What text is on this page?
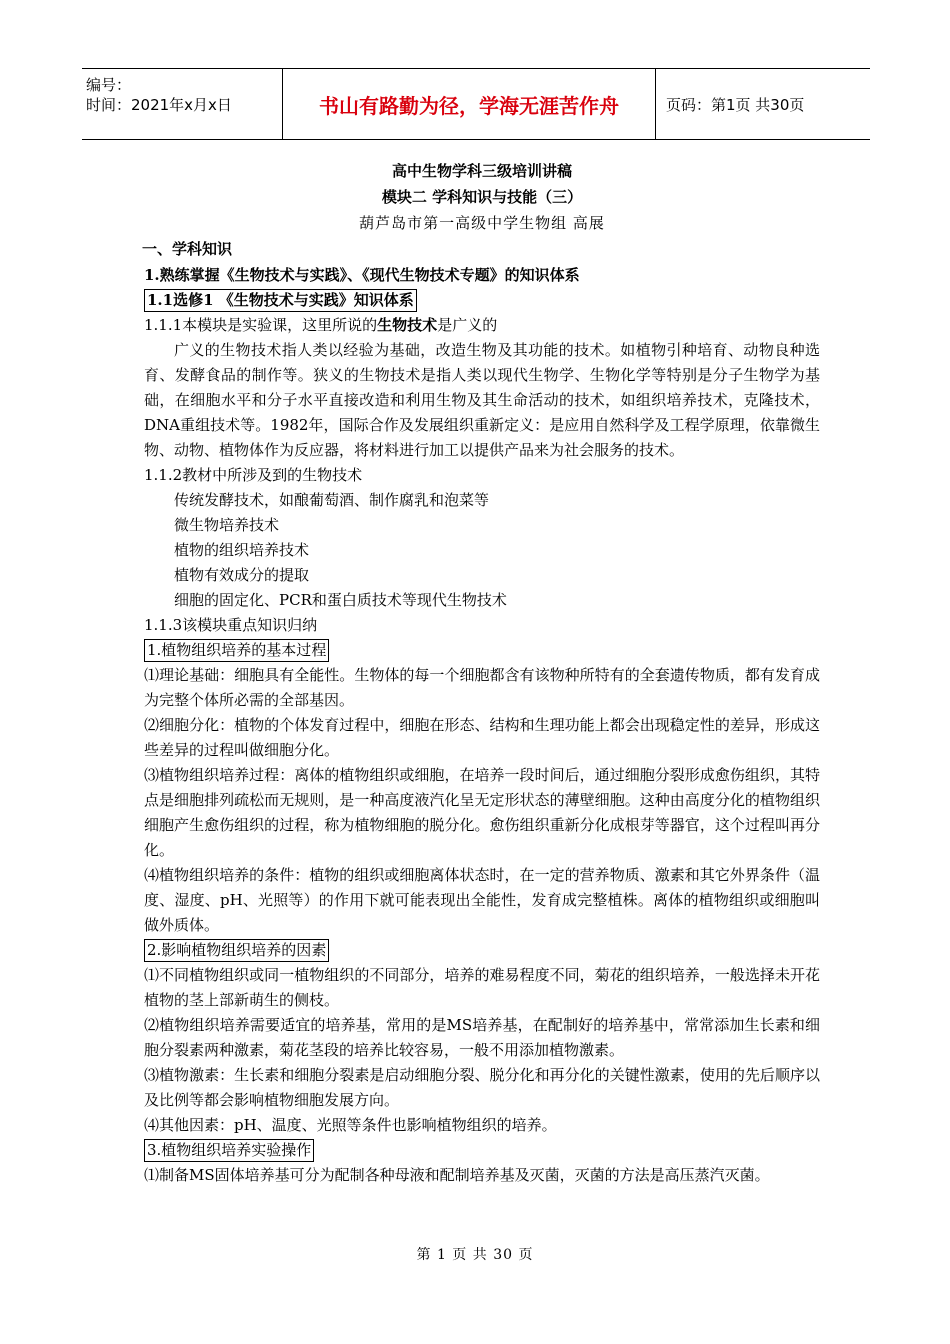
编号：
时间：2021年x月x日	书山有路勤为径，学海无涯苦作舟	页码：第1页 共30页
高中生物学科三级培训讲稿
模块二 学科知识与技能（三）
葫芦岛市第一高级中学生物组 高展
一、学科知识
1.熟练掌握《生物技术与实践》、《现代生物技术专题》的知识体系
1.1选修1 《生物技术与实践》知识体系
1.1.1本模块是实验课，这里所说的生物技术是广义的
广义的生物技术指人类以经验为基础，改造生物及其功能的技术。如植物引种培育、动物良种选育、发酵食品的制作等。狭义的生物技术是指人类以现代生物学、生物化学等特别是分子生物学为基础，在细胞水平和分子水平直接改造和利用生物及其生命活动的技术，如组织培养技术，克隆技术，DNA重组技术等。1982年，国际合作及发展组织重新定义：是应用自然科学及工程学原理，依靠微生物、动物、植物体作为反应器，将材料进行加工以提供产品来为社会服务的技术。
1.1.2教材中所涉及到的生物技术
传统发酵技术，如酿葡萄酒、制作腐乳和泡菜等
微生物培养技术
植物的组织培养技术
植物有效成分的提取
细胞的固定化、PCR和蛋白质技术等现代生物技术
1.1.3该模块重点知识归纳
1.植物组织培养的基本过程
⑴理论基础：细胞具有全能性。生物体的每一个细胞都含有该物种所特有的全套遗传物质，都有发育成为完整个体所必需的全部基因。
⑵细胞分化：植物的个体发育过程中，细胞在形态、结构和生理功能上都会出现稳定性的差异，形成这些差异的过程叫做细胞分化。
⑶植物组织培养过程：离体的植物组织或细胞，在培养一段时间后，通过细胞分裂形成愈伤组织，其特点是细胞排列疏松而无规则，是一种高度液汽化呈无定形状态的薄壁细胞。这种由高度分化的植物组织细胞产生愈伤组织的过程，称为植物细胞的脱分化。愈伤组织重新分化成根芽等器官，这个过程叫再分化。
⑷植物组织培养的条件：植物的组织或细胞离体状态时，在一定的营养物质、激素和其它外界条件（温度、湿度、pH、光照等）的作用下就可能表现出全能性，发育成完整植株。离体的植物组织或细胞叫做外质体。
2.影响植物组织培养的因素
⑴不同植物组织或同一植物组织的不同部分，培养的难易程度不同，菊花的组织培养，一般选择未开花植物的茎上部新萌生的侧枝。
⑵植物组织培养需要适宜的培养基，常用的是MS培养基，在配制好的培养基中，常常添加生长素和细胞分裂素两种激素，菊花茎段的培养比较容易，一般不用添加植物激素。
⑶植物激素：生长素和细胞分裂素是启动细胞分裂、脱分化和再分化的关键性激素，使用的先后顺序以及比例等都会影响植物细胞发展方向。
⑷其他因素：pH、温度、光照等条件也影响植物组织的培养。
3.植物组织培养实验操作
⑴制备MS固体培养基可分为配制各种母液和配制培养基及灭菌，灭菌的方法是高压蒸汽灭菌。
第 1 页 共 30 页
